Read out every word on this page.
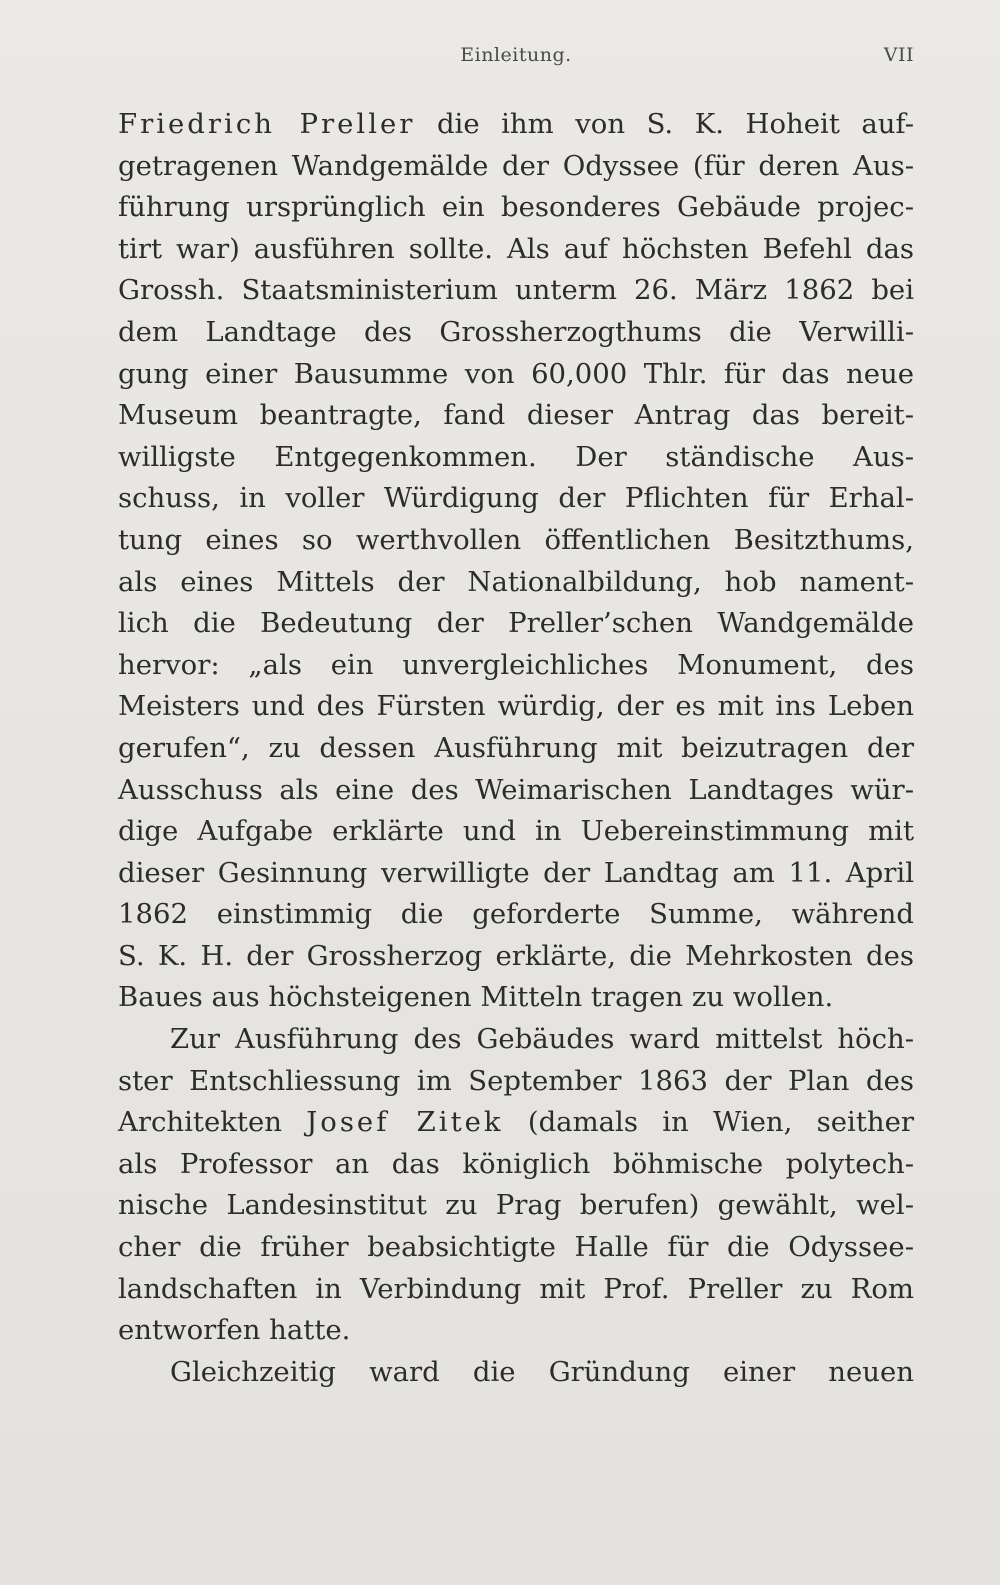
Einleitung.	VII
Friedrich Preller die ihm von S. K. Hoheit auf-
getragenen Wandgemälde der Odyssee (für deren Aus-
führung ursprünglich ein besonderes Gebäude projec-
tirt war) ausführen sollte. Als auf höchsten Befehl das
Grossh. Staatsministerium unterm 26. März 1862 bei
dem Landtage des Grossherzogthums die Verwilli-
gung einer Bausumme von 60,000 Thlr. für das neue
Museum beantragte, fand dieser Antrag das bereit-
willigste Entgegenkommen. Der ständische Aus-
schuss, in voller Würdigung der Pflichten für Erhal-
tung eines so werthvollen öffentlichen Besitzthums,
als eines Mittels der Nationalbildung, hob nament-
lich die Bedeutung der Preller’schen Wandgemälde
hervor: „als ein unvergleichliches Monument, des
Meisters und des Fürsten würdig, der es mit ins Leben
gerufen“, zu dessen Ausführung mit beizutragen der
Ausschuss als eine des Weimarischen Landtages wür-
dige Aufgabe erklärte und in Uebereinstimmung mit
dieser Gesinnung verwilligte der Landtag am 11. April
1862 einstimmig die geforderte Summe, während
S. K. H. der Grossherzog erklärte, die Mehrkosten des
Baues aus höchsteigenen Mitteln tragen zu wollen.
Zur Ausführung des Gebäudes ward mittelst höch-
ster Entschliessung im September 1863 der Plan des
Architekten Josef Zitek (damals in Wien, seither
als Professor an das königlich böhmische polytech-
nische Landesinstitut zu Prag berufen) gewählt, wel-
cher die früher beabsichtigte Halle für die Odyssee-
landschaften in Verbindung mit Prof. Preller zu Rom
entworfen hatte.
Gleichzeitig ward die Gründung einer neuen
